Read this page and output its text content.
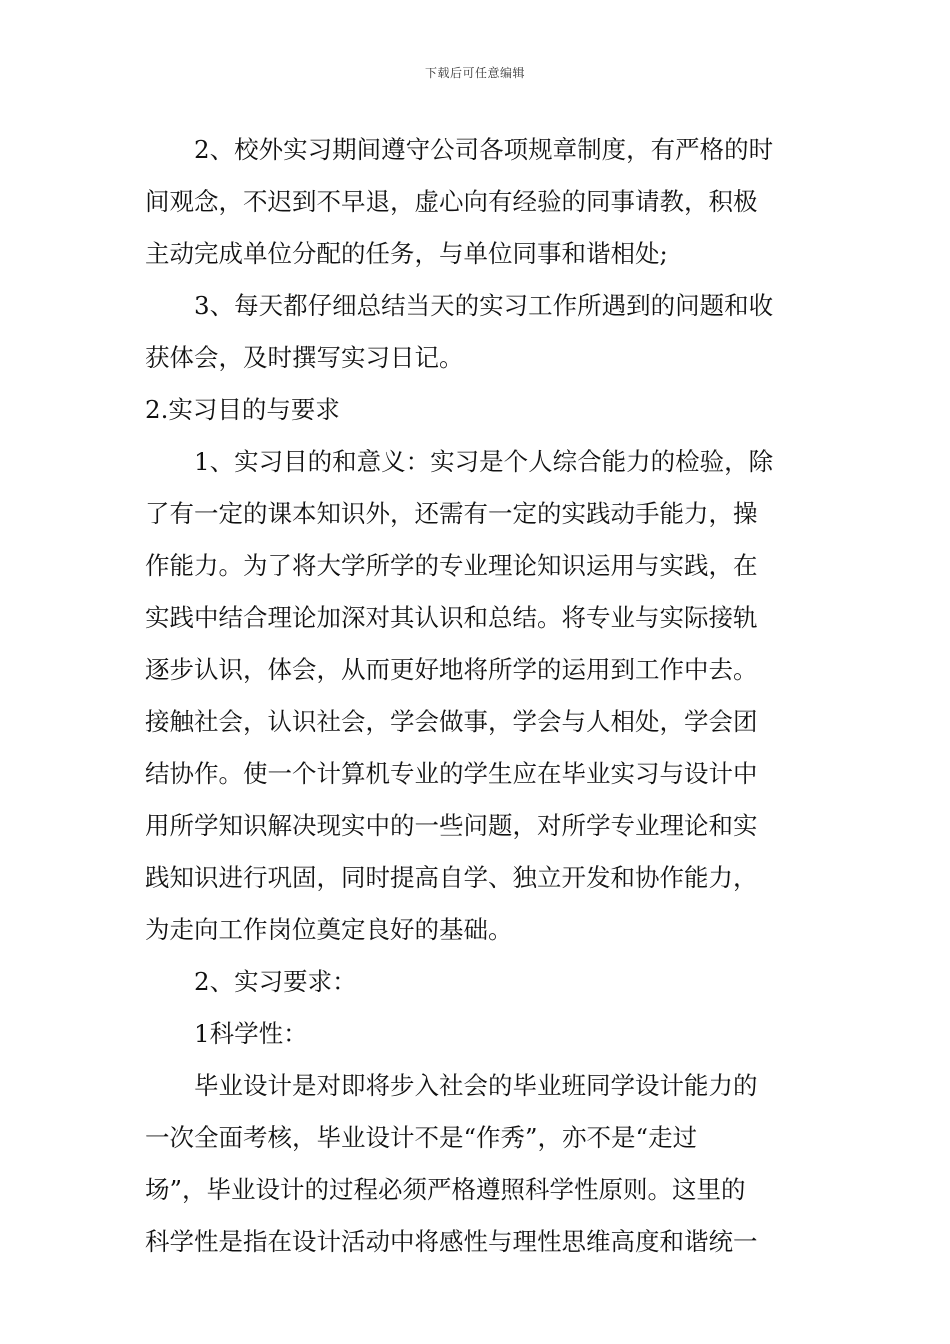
下载后可任意编辑
2、校外实习期间遵守公司各项规章制度，有严格的时
间观念，不迟到不早退，虚心向有经验的同事请教，积极
主动完成单位分配的任务，与单位同事和谐相处;
3、每天都仔细总结当天的实习工作所遇到的问题和收
获体会，及时撰写实习日记。
2.实习目的与要求
1、实习目的和意义：实习是个人综合能力的检验，除
了有一定的课本知识外，还需有一定的实践动手能力，操
作能力。为了将大学所学的专业理论知识运用与实践，在
实践中结合理论加深对其认识和总结。将专业与实际接轨
逐步认识，体会，从而更好地将所学的运用到工作中去。
接触社会，认识社会，学会做事，学会与人相处，学会团
结协作。使一个计算机专业的学生应在毕业实习与设计中
用所学知识解决现实中的一些问题，对所学专业理论和实
践知识进行巩固，同时提高自学、独立开发和协作能力，
为走向工作岗位奠定良好的基础。
2、实习要求：
1科学性：
毕业设计是对即将步入社会的毕业班同学设计能力的
一次全面考核，毕业设计不是“作秀”，亦不是“走过
场”，毕业设计的过程必须严格遵照科学性原则。这里的
科学性是指在设计活动中将感性与理性思维高度和谐统一
